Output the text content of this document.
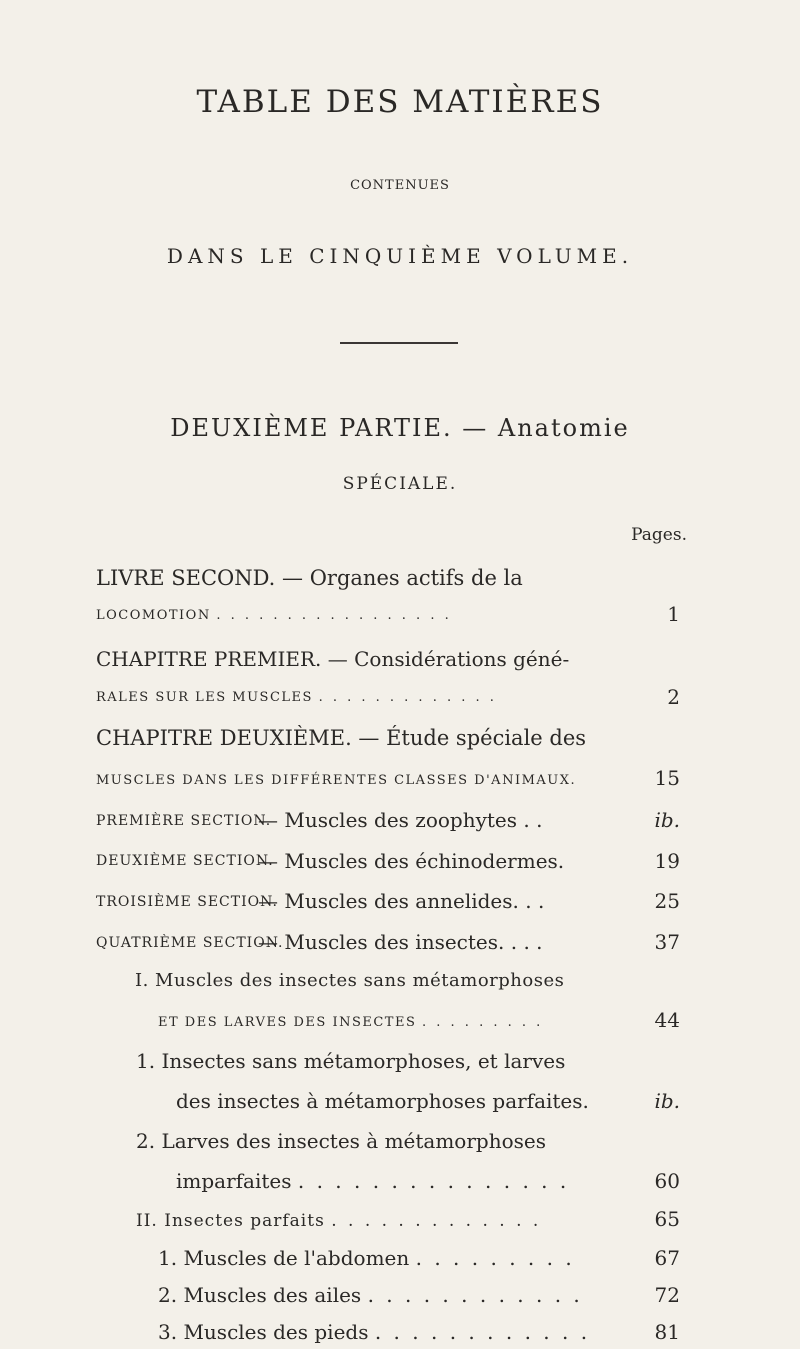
TABLE DES MATIÈRES
CONTENUES
DANS LE CINQUIÈME VOLUME.
DEUXIÈME PARTIE. — Anatomie
SPÉCIALE.
Pages.
LIVRE SECOND. — Organes actifs de la
LOCOMOTION . . . . . . . . . . . . . . . . .	1
CHAPITRE PREMIER. — Considérations géné-
RALES SUR LES MUSCLES . . . . . . . . . . . . .	2
CHAPITRE DEUXIÈME. — Étude spéciale des
MUSCLES DANS LES DIFFÉRENTES CLASSES D'ANIMAUX.	15
PREMIÈRE SECTION.
— Muscles des zoophytes . .	ib.
DEUXIÈME SECTION.
— Muscles des échinodermes.	19
TROISIÈME SECTION.
— Muscles des annelides. . .	25
QUATRIÈME SECTION.
— Muscles des insectes. . . .	37
I. Muscles des insectes sans métamorphoses
ET DES LARVES DES INSECTES . . . . . . . . .	44
1. Insectes sans métamorphoses, et larves
des insectes à métamorphoses parfaites.	ib.
2. Larves des insectes à métamorphoses
imparfaites . . . . . . . . . . . . . . .	60
II. Insectes parfaits . . . . . . . . . . . . .	65
1. Muscles de l'abdomen . . . . . . . . .	67
2. Muscles des ailes . . . . . . . . . . . .	72
3. Muscles des pieds . . . . . . . . . . . .	81
